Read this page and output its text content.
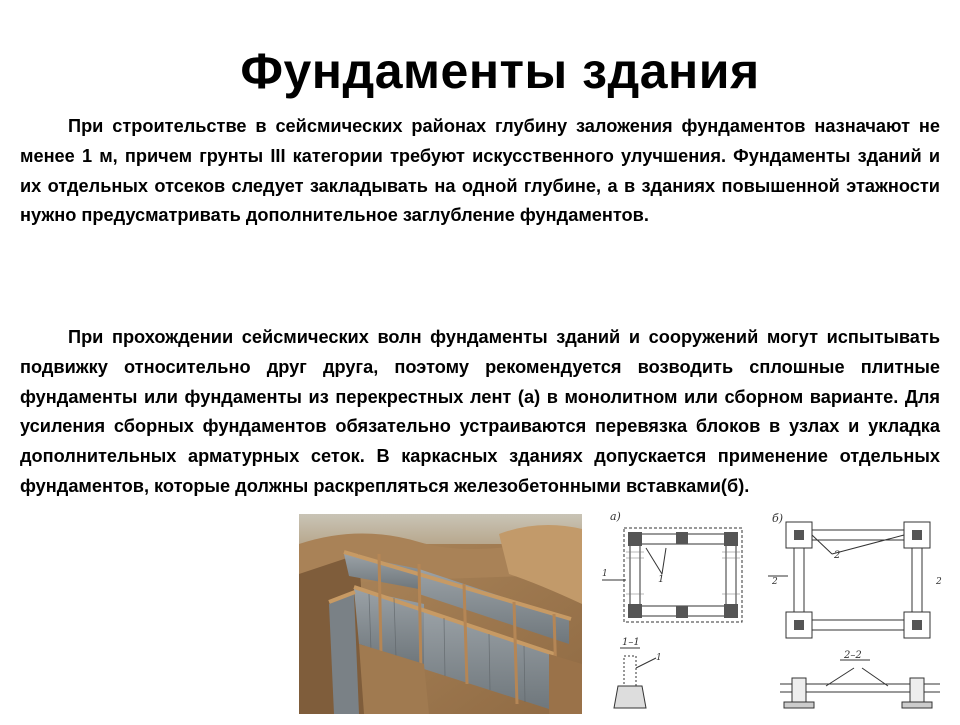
Фундаменты здания

При строительстве в сейсмических районах глубину заложения фундаментов назначают не менее 1 м, причем грунты III категории требуют искусственного улучшения. Фундаменты зданий и их отдельных отсеков следует закладывать на одной глубине, а в зданиях повышенной этажности нужно предусматривать дополнительное заглубление фундаментов.

При прохождении сейсмических волн фундаменты зданий и сооружений могут испытывать подвижку относительно друг друга, поэтому рекомендуется возводить сплошные плитные фундаменты или фундаменты из перекрестных лент (а) в монолитном или сборном варианте. Для усиления сборных фундаментов обязательно устраиваются перевязка блоков в узлах и укладка дополнительных арматурных сеток. В каркасных зданиях допускается применение отдельных фундаментов, которые должны раскрепляться железобетонными вставками(б).

а)	б)
1
1
1–1
1
2
2	2
2–2
